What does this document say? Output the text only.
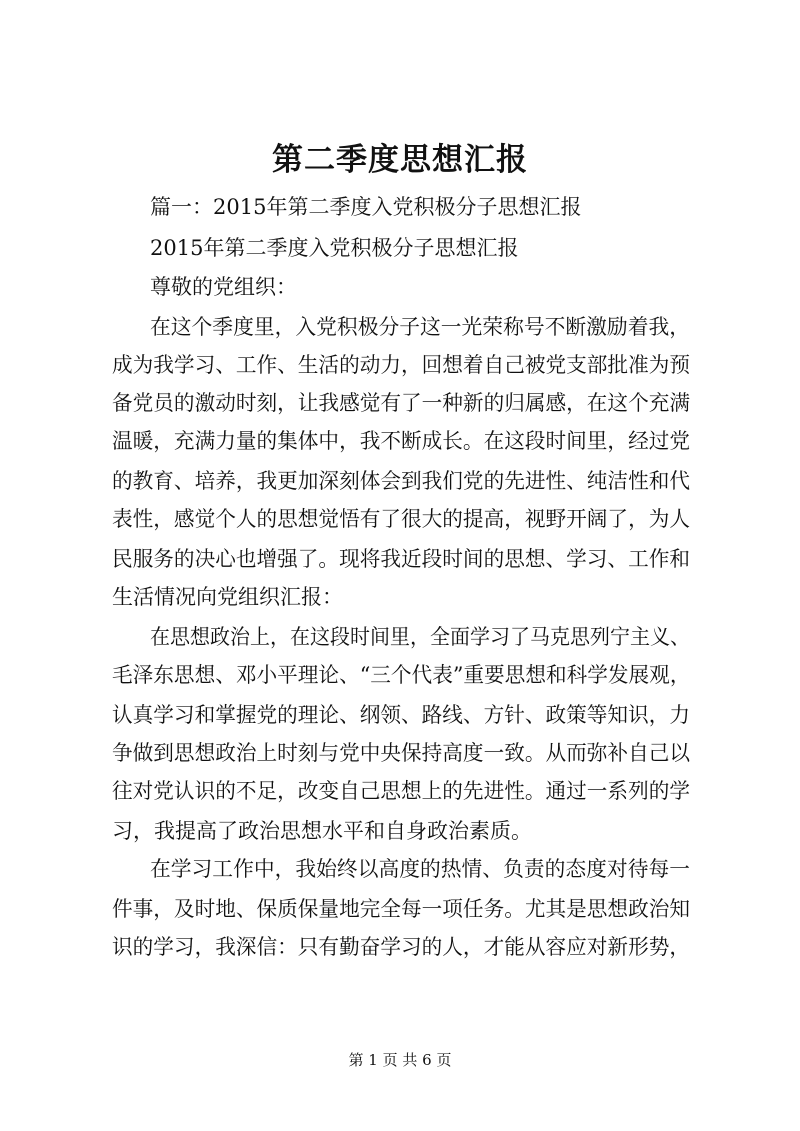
第二季度思想汇报
篇一：2015年第二季度入党积极分子思想汇报
2015年第二季度入党积极分子思想汇报
尊敬的党组织：
在这个季度里，入党积极分子这一光荣称号不断激励着我，
成为我学习、工作、生活的动力，回想着自己被党支部批准为预
备党员的激动时刻，让我感觉有了一种新的归属感，在这个充满
温暖，充满力量的集体中，我不断成长。在这段时间里，经过党
的教育、培养，我更加深刻体会到我们党的先进性、纯洁性和代
表性，感觉个人的思想觉悟有了很大的提高，视野开阔了，为人
民服务的决心也增强了。现将我近段时间的思想、学习、工作和
生活情况向党组织汇报：
在思想政治上，在这段时间里，全面学习了马克思列宁主义、
毛泽东思想、邓小平理论、“三个代表”重要思想和科学发展观，
认真学习和掌握党的理论、纲领、路线、方针、政策等知识，力
争做到思想政治上时刻与党中央保持高度一致。从而弥补自己以
往对党认识的不足，改变自己思想上的先进性。通过一系列的学
习，我提高了政治思想水平和自身政治素质。
在学习工作中，我始终以高度的热情、负责的态度对待每一
件事，及时地、保质保量地完全每一项任务。尤其是思想政治知
识的学习，我深信：只有勤奋学习的人，才能从容应对新形势，
第 1 页 共 6 页
